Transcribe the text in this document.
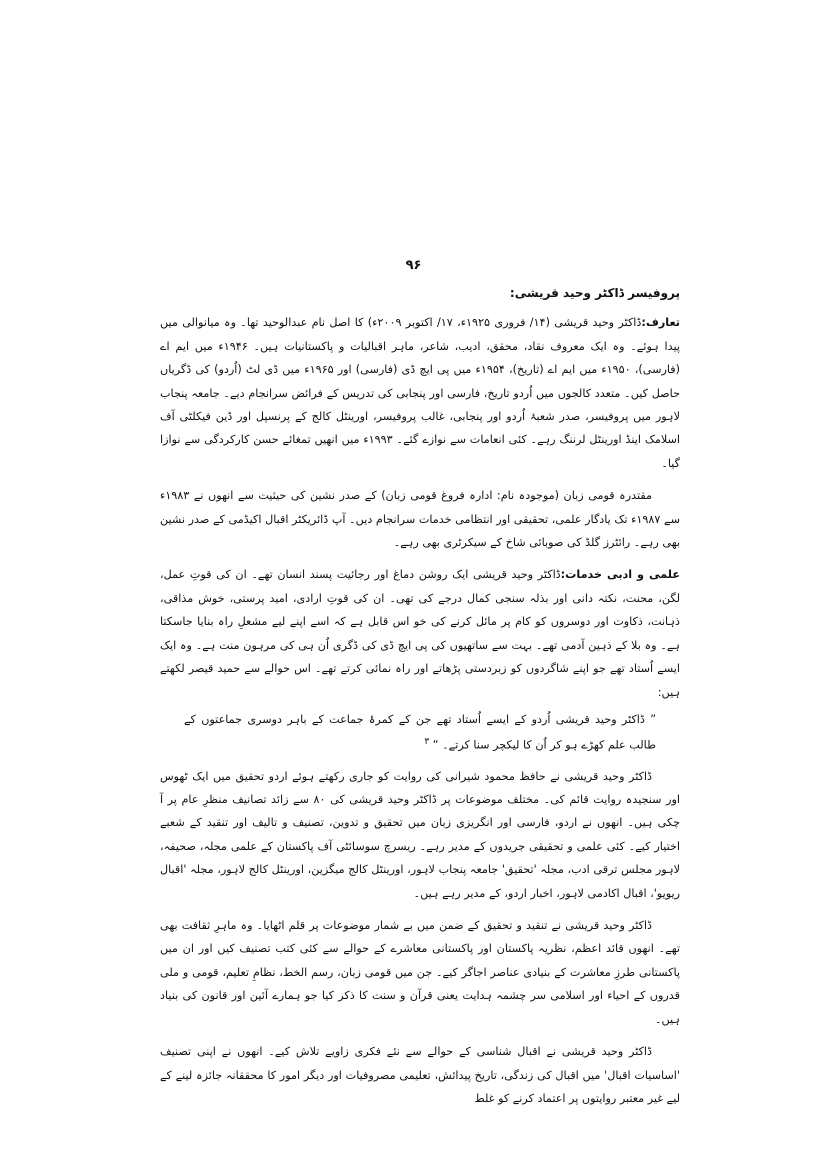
۹۶
پروفیسر ڈاکٹر وحید قریشی:

تعارف:ڈاکٹر وحید قریشی (۱۴/ فروری ۱۹۲۵ء، ۱۷/ اکتوبر ۲۰۰۹ء) کا اصل نام عبدالوحید تھا۔ وہ میانوالی میں پیدا ہوئے۔ وہ ایک معروف نقاد، محقق، ادیب، شاعر، ماہر اقبالیات و پاکستانیات ہیں۔ ۱۹۴۶ء میں ایم اے (فارسی)، ۱۹۵۰ء میں ایم اے (تاریخ)، ۱۹۵۴ء میں پی ایچ ڈی (فارسی) اور ۱۹۶۵ء میں ڈی لٹ (اُردو) کی ڈگریاں حاصل کیں۔ متعدد کالجوں میں اُردو تاریخ، فارسی اور پنجابی کی تدریس کے فرائض سرانجام دیے۔ جامعہ پنجاب لاہور میں پروفیسر، صدر شعبۂ اُردو اور پنجابی، غالب پروفیسر، اورینٹل کالج کے پرنسپل اور ڈین فیکلٹی آف اسلامک اینڈ اورینٹل لرننگ رہے۔ کئی انعامات سے نوازے گئے۔ ۱۹۹۳ء میں انھیں تمغائے حسن کارکردگی سے نوازا گیا۔

مقتدرہ قومی زبان (موجودہ نام: ادارہ فروغ قومی زبان) کے صدر نشین کی حیثیت سے انھوں نے ۱۹۸۳ء سے ۱۹۸۷ء تک یادگار علمی، تحقیقی اور انتظامی خدمات سرانجام دیں۔ آپ ڈائریکٹر اقبال اکیڈمی کے صدر نشین بھی رہے۔ رائٹرز گلڈ کی صوبائی شاخ کے سیکرٹری بھی رہے۔

علمی و ادبی خدمات:ڈاکٹر وحید قریشی ایک روشن دماغ اور رجائیت پسند انسان تھے۔ ان کی قوتِ عمل، لگن، محنت، نکتہ دانی اور بذلہ سنجی کمال درجے کی تھی۔ ان کی قوتِ ارادی، امید پرستی، خوش مذاقی، ذہانت، ذکاوت اور دوسروں کو کام پر مائل کرنے کی خو اس قابل ہے کہ اسے اپنے لیے مشعلِ راہ بنایا جاسکتا ہے۔ وہ بلا کے ذہین آدمی تھے۔ بہت سے ساتھیوں کی پی ایچ ڈی کی ڈگری اُن ہی کی مرہون منت ہے۔ وہ ایک ایسے اُستاد تھے جو اپنے شاگردوں کو زبردستی پڑھاتے اور راہ نمائی کرتے تھے۔ اس حوالے سے حمید قیصر لکھتے ہیں:

” ڈاکٹر وحید قریشی اُردو کے ایسے اُستاد تھے جن کے کمرۂ جماعت کے باہر دوسری جماعتوں کے طالب علم کھڑے ہو کر اُن کا لیکچر سنا کرتے۔ “ $^۳$

ڈاکٹر وحید قریشی نے حافظ محمود شیرانی کی روایت کو جاری رکھتے ہوئے اردو تحقیق میں ایک ٹھوس اور سنجیدہ روایت قائم کی۔ مختلف موضوعات پر ڈاکٹر وحید قریشی کی ۸۰ سے زائد تصانیف منظرِ عام پر آ چکی ہیں۔ انھوں نے اردو، فارسی اور انگریزی زبان میں تحقیق و تدوین، تصنیف و تالیف اور تنقید کے شعبے اختیار کیے۔ کئی علمی و تحقیقی جریدوں کے مدیر رہے۔ ریسرچ سوسائٹی آف پاکستان کے علمی مجلہ، صحیفہ، لاہور مجلس ترقی ادب، مجلہ 'تحقیق' جامعہ پنجاب لاہور، اورینٹل کالج میگزین، اورینٹل کالج لاہور، مجلہ 'اقبال ریویو'، اقبال اکادمی لاہور، اخبار اردو، کے مدیر رہے ہیں۔

ڈاکٹر وحید قریشی نے تنقید و تحقیق کے ضمن میں بے شمار موضوعات پر قلم اٹھایا۔ وہ ماہرِ ثقافت بھی تھے۔ انھوں قائد اعظم، نظریہ پاکستان اور پاکستانی معاشرے کے حوالے سے کئی کتب تصنیف کیں اور ان میں پاکستانی طرزِ معاشرت کے بنیادی عناصر اجاگر کیے۔ جن میں قومی زبان، رسم الخط، نظامِ تعلیم، قومی و ملی قدروں کے احیاء اور اسلامی سر چشمہ ہدایت یعنی قرآن و سنت کا ذکر کیا جو ہمارے آئین اور قانون کی بنیاد ہیں۔

ڈاکٹر وحید قریشی نے اقبال شناسی کے حوالے سے نئے فکری زاویے تلاش کیے۔ انھوں نے اپنی تصنیف 'اساسیات اقبال' میں اقبال کی زندگی، تاریخ پیدائش، تعلیمی مصروفیات اور دیگر امور کا محققانہ جائزہ لینے کے لیے غیر معتبر روایتوں پر اعتماد کرنے کو غلط
